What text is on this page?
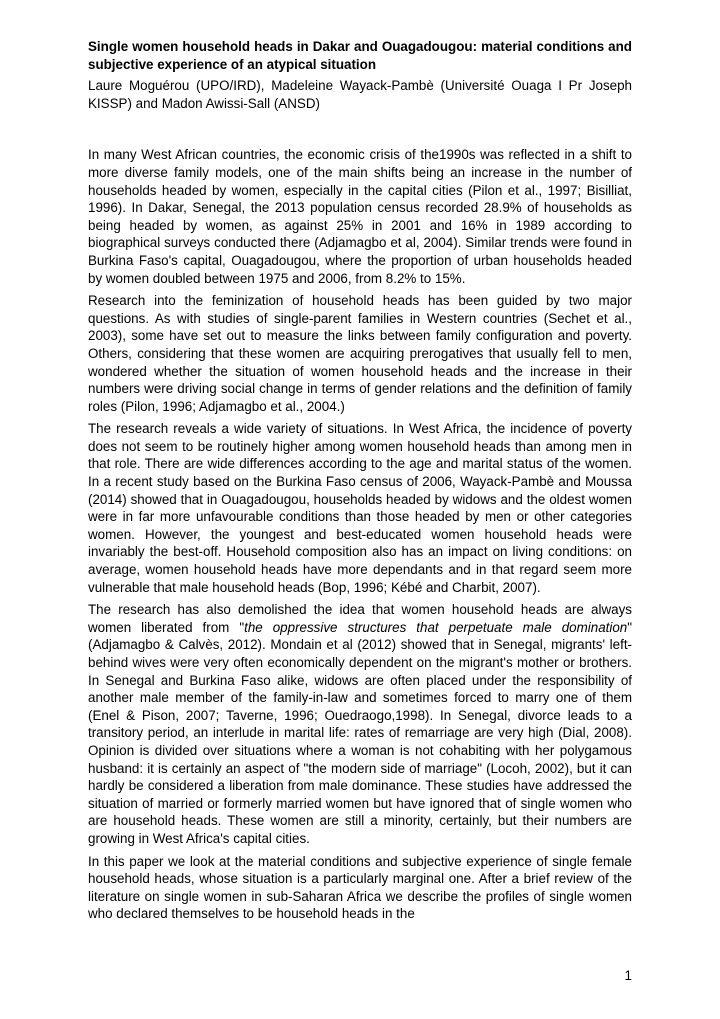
Single women household heads in Dakar and Ouagadougou: material conditions and subjective experience of an atypical situation
Laure Moguérou (UPO/IRD), Madeleine Wayack-Pambè (Université Ouaga I Pr Joseph KISSP) and Madon Awissi-Sall (ANSD)

In many West African countries, the economic crisis of the1990s was reflected in a shift to more diverse family models, one of the main shifts being an increase in the number of households headed by women, especially in the capital cities (Pilon et al., 1997; Bisilliat, 1996). In Dakar, Senegal, the 2013 population census recorded 28.9% of households as being headed by women, as against 25% in 2001 and 16% in 1989 according to biographical surveys conducted there (Adjamagbo et al, 2004). Similar trends were found in Burkina Faso's capital, Ouagadougou, where the proportion of urban households headed by women doubled between 1975 and 2006, from 8.2% to 15%.

Research into the feminization of household heads has been guided by two major questions. As with studies of single-parent families in Western countries (Sechet et al., 2003), some have set out to measure the links between family configuration and poverty. Others, considering that these women are acquiring prerogatives that usually fell to men, wondered whether the situation of women household heads and the increase in their numbers were driving social change in terms of gender relations and the definition of family roles (Pilon, 1996; Adjamagbo et al., 2004.)

The research reveals a wide variety of situations. In West Africa, the incidence of poverty does not seem to be routinely higher among women household heads than among men in that role. There are wide differences according to the age and marital status of the women. In a recent study based on the Burkina Faso census of 2006, Wayack-Pambè and Moussa (2014) showed that in Ouagadougou, households headed by widows and the oldest women were in far more unfavourable conditions than those headed by men or other categories women. However, the youngest and best-educated women household heads were invariably the best-off. Household composition also has an impact on living conditions: on average, women household heads have more dependants and in that regard seem more vulnerable that male household heads (Bop, 1996; Kébé and Charbit, 2007).

The research has also demolished the idea that women household heads are always women liberated from "the oppressive structures that perpetuate male domination" (Adjamagbo & Calvès, 2012). Mondain et al (2012) showed that in Senegal, migrants' left-behind wives were very often economically dependent on the migrant's mother or brothers. In Senegal and Burkina Faso alike, widows are often placed under the responsibility of another male member of the family-in-law and sometimes forced to marry one of them (Enel & Pison, 2007; Taverne, 1996; Ouedraogo,1998). In Senegal, divorce leads to a transitory period, an interlude in marital life: rates of remarriage are very high (Dial, 2008). Opinion is divided over situations where a woman is not cohabiting with her polygamous husband: it is certainly an aspect of "the modern side of marriage" (Locoh, 2002), but it can hardly be considered a liberation from male dominance. These studies have addressed the situation of married or formerly married women but have ignored that of single women who are household heads. These women are still a minority, certainly, but their numbers are growing in West Africa's capital cities.

In this paper we look at the material conditions and subjective experience of single female household heads, whose situation is a particularly marginal one. After a brief review of the literature on single women in sub-Saharan Africa we describe the profiles of single women who declared themselves to be household heads in the

1
